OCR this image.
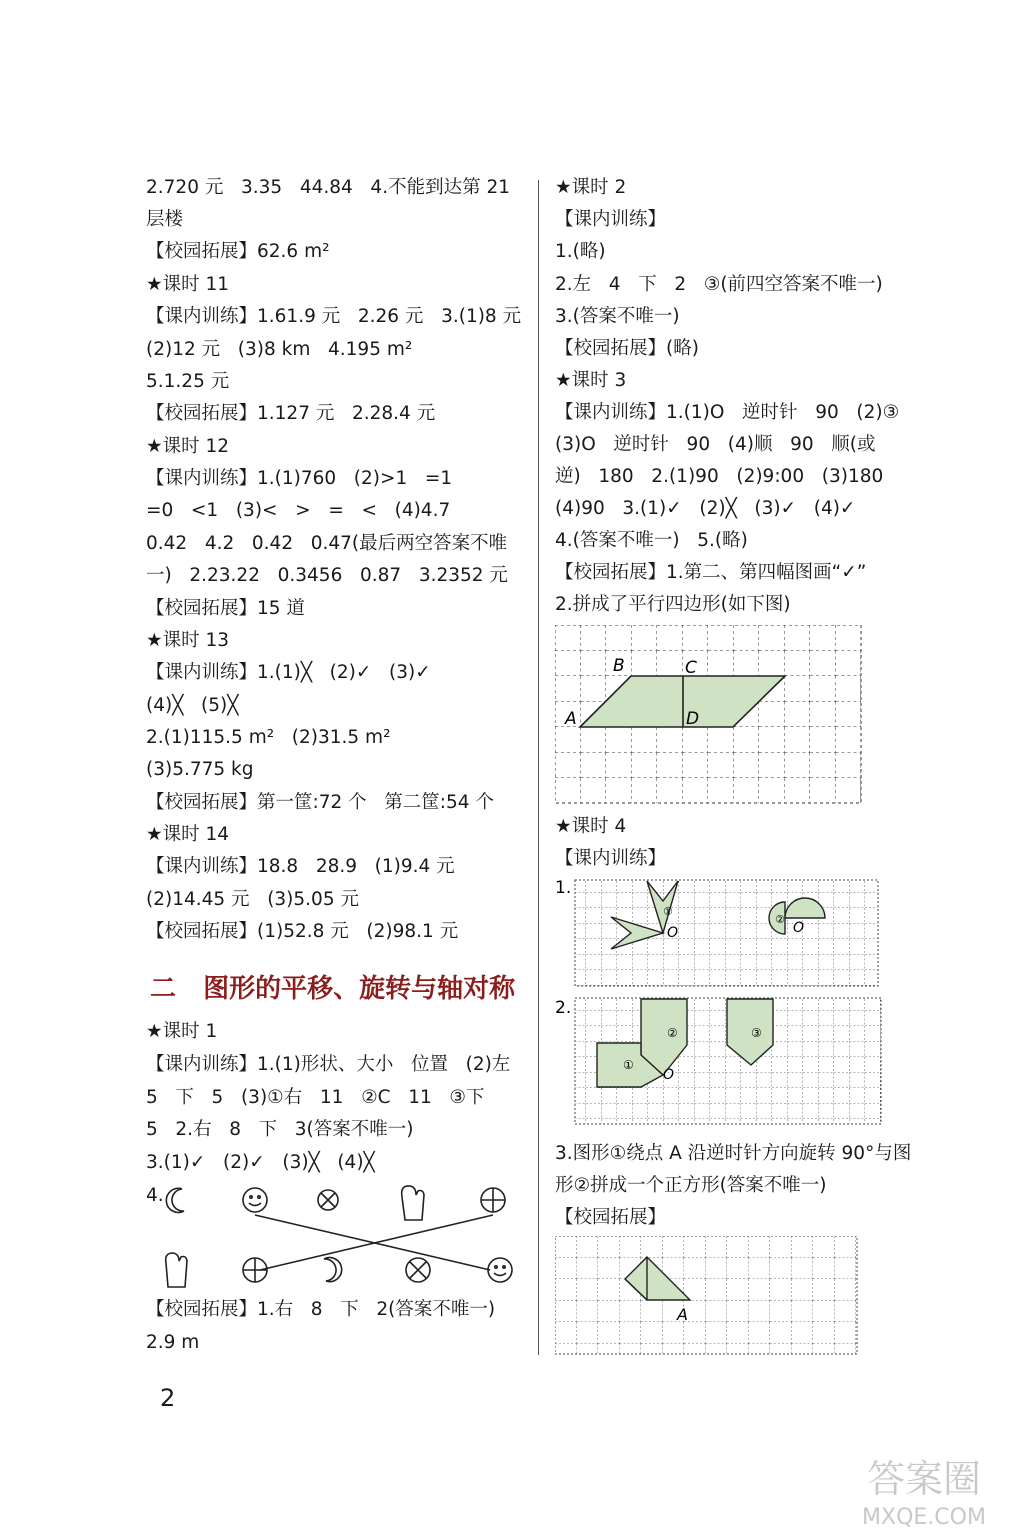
2.720 元   3.35   44.84   4.不能到达第 21
层楼
【校园拓展】62.6 m²
★课时 11
【课内训练】1.61.9 元   2.26 元   3.(1)8 元
(2)12 元   (3)8 km   4.195 m²
5.1.25 元
【校园拓展】1.127 元   2.28.4 元
★课时 12
【课内训练】1.(1)760   (2)>1   =1
=0   <1   (3)<   >   =   <   (4)4.7
0.42   4.2   0.42   0.47(最后两空答案不唯
一)   2.23.22   0.3456   0.87   3.2352 元
【校园拓展】15 道
★课时 13
【课内训练】1.(1)╳   (2)✓   (3)✓
(4)╳   (5)╳
2.(1)115.5 m²   (2)31.5 m²
(3)5.775 kg
【校园拓展】第一筐:72 个   第二筐:54 个
★课时 14
【课内训练】18.8   28.9   (1)9.4 元
(2)14.45 元   (3)5.05 元
【校园拓展】(1)52.8 元   (2)98.1 元
二   图形的平移、旋转与轴对称
★课时 1
【课内训练】1.(1)形状、大小   位置   (2)左
5   下   5   (3)①右   11   ②C   11   ③下
5   2.右   8   下   3(答案不唯一)
3.(1)✓   (2)✓   (3)╳   (4)╳
4.
【校园拓展】1.右   8   下   2(答案不唯一)
2.9 m
★课时 2
【课内训练】
1.(略)
2.左   4   下   2   ③(前四空答案不唯一)
3.(答案不唯一)
【校园拓展】(略)
★课时 3
【课内训练】1.(1)O   逆时针   90   (2)③
(3)O   逆时针   90   (4)顺   90   顺(或
逆)   180   2.(1)90   (2)9:00   (3)180
(4)90   3.(1)✓   (2)╳   (3)✓   (4)✓
4.(答案不唯一)   5.(略)
【校园拓展】1.第二、第四幅图画“✓”
2.拼成了平行四边形(如下图)
B	C
A	D
★课时 4
【课内训练】
1.
①
O
②
O
2.
②
①
O
③
3.图形①绕点 A 沿逆时针方向旋转 90°与图
形②拼成一个正方形(答案不唯一)
【校园拓展】
A
2
答案圈
MXQE.COM
